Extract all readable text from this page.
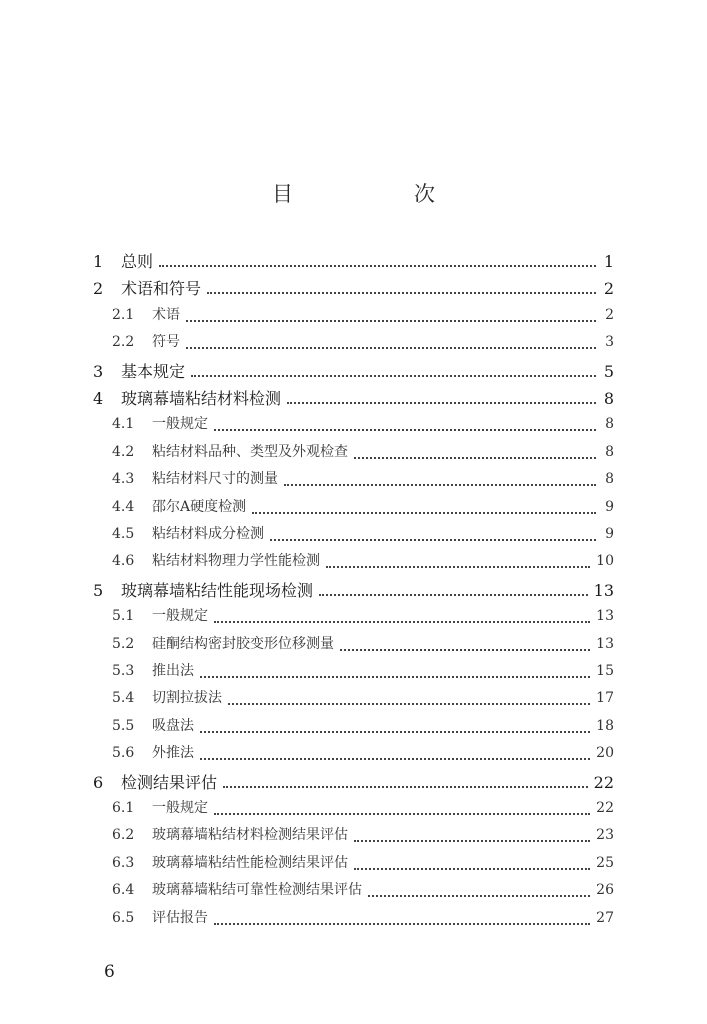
目　次
1	总则	1
2	术语和符号	2
2.1	术语	2
2.2	符号	3
3	基本规定	5
4	玻璃幕墙粘结材料检测	8
4.1	一般规定	8
4.2	粘结材料品种、类型及外观检查	8
4.3	粘结材料尺寸的测量	8
4.4	邵尔A硬度检测	9
4.5	粘结材料成分检测	9
4.6	粘结材料物理力学性能检测	10
5	玻璃幕墙粘结性能现场检测	13
5.1	一般规定	13
5.2	硅酮结构密封胶变形位移测量	13
5.3	推出法	15
5.4	切割拉拔法	17
5.5	吸盘法	18
5.6	外推法	20
6	检测结果评估	22
6.1	一般规定	22
6.2	玻璃幕墙粘结材料检测结果评估	23
6.3	玻璃幕墙粘结性能检测结果评估	25
6.4	玻璃幕墙粘结可靠性检测结果评估	26
6.5	评估报告	27
6
